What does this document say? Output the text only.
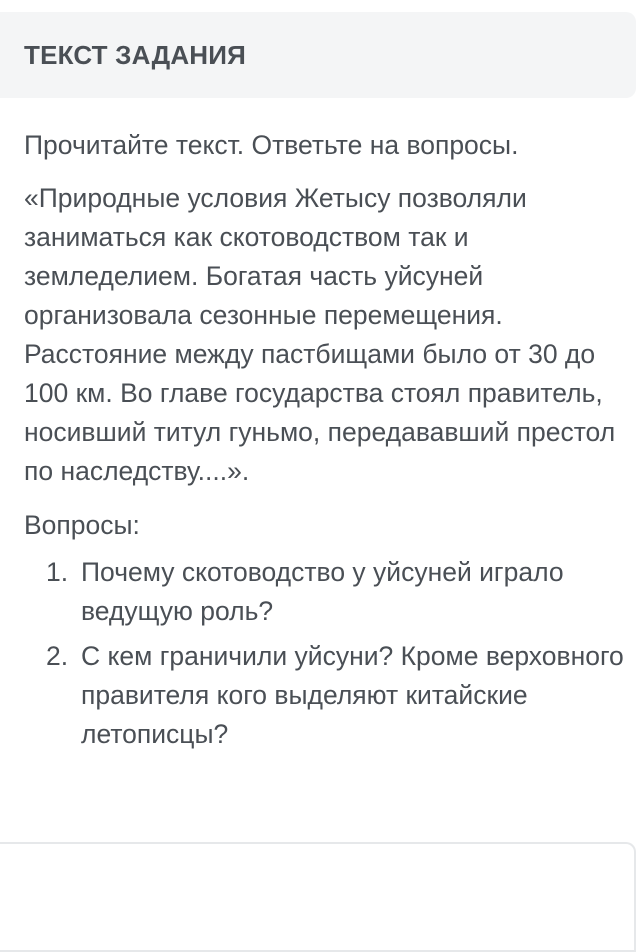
ТЕКСТ ЗАДАНИЯ

Прочитайте текст. Ответьте на вопросы.

«Природные условия Жетысу позволяли заниматься как скотоводством так и земледелием. Богатая часть уйсуней организовала сезонные перемещения. Расстояние между пастбищами было от 30 до 100 км. Во главе государства стоял правитель, носивший титул гуньмо, передававший престол по наследству....».

Вопросы:

1. Почему скотоводство у уйсуней играло ведущую роль?
2. С кем граничили уйсуни? Кроме верховного правителя кого выделяют китайские летописцы?
